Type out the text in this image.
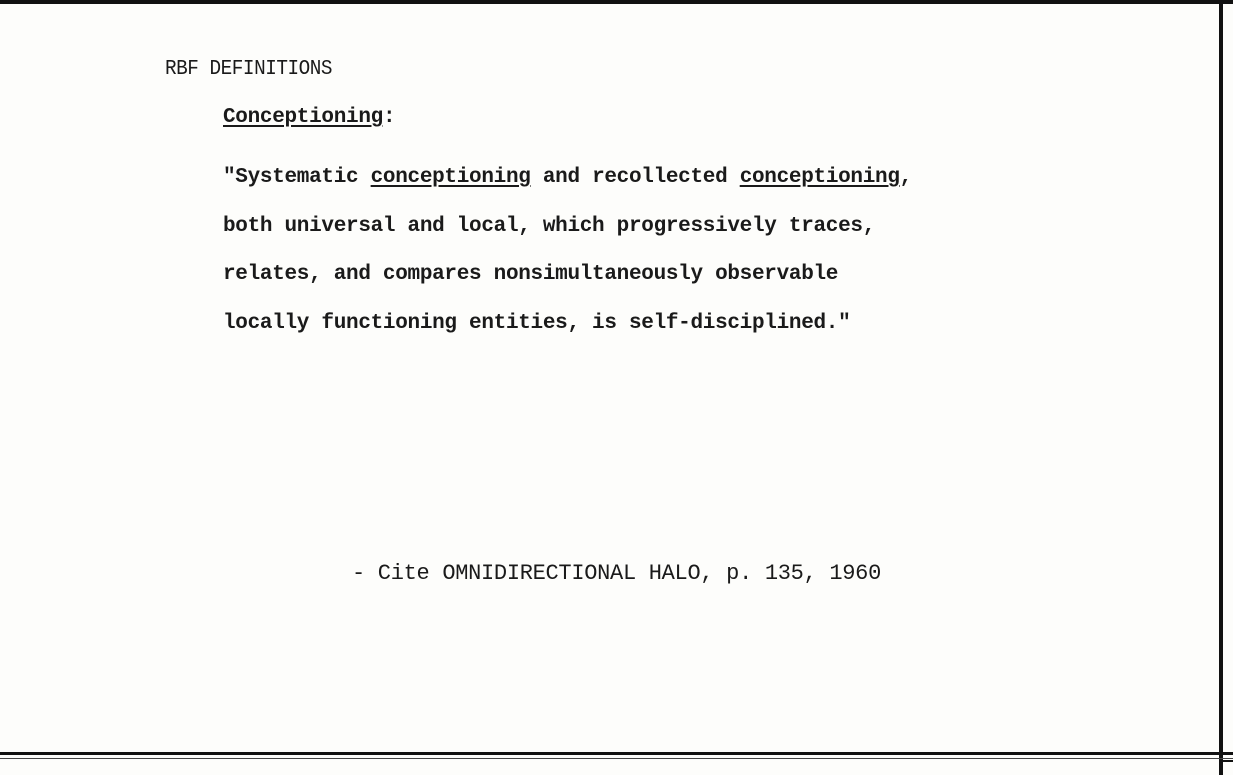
RBF DEFINITIONS
Conceptioning:
"Systematic conceptioning and recollected conceptioning,
both universal and local, which progressively traces,
relates, and compares nonsimultaneously observable
locally functioning entities, is self-disciplined."
- Cite OMNIDIRECTIONAL HALO, p. 135, 1960
